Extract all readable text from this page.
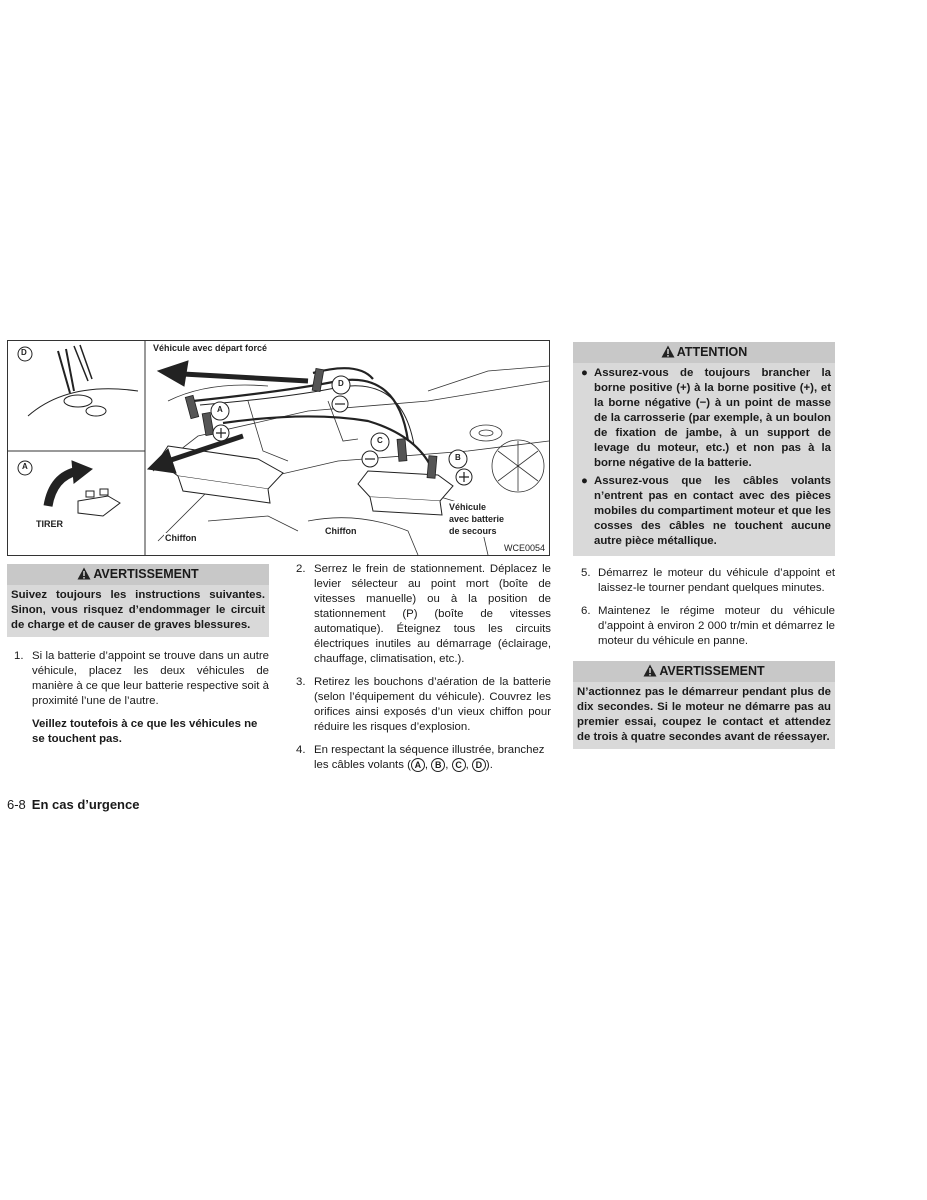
D
A
A
D
C
B
Véhicule avec départ forcé
TIRER
Chiffon
Chiffon
Véhicule
avec batterie
de secours
WCE0054
AVERTISSEMENT
Suivez toujours les instructions suivantes. Sinon, vous risquez d’endommager le circuit de charge et de causer de graves blessures.
1. Si la batterie d’appoint se trouve dans un autre véhicule, placez les deux véhicules de manière à ce que leur batterie respective soit à proximité l’une de l’autre.
Veillez toutefois à ce que les véhicules ne se touchent pas.
2. Serrez le frein de stationnement. Déplacez le levier sélecteur au point mort (boîte de vitesses manuelle) ou à la position de stationnement (P) (boîte de vitesses automatique). Éteignez tous les circuits électriques inutiles au démarrage (éclairage, chauffage, climatisation, etc.).
3. Retirez les bouchons d’aération de la batterie (selon l’équipement du véhicule). Couvrez les orifices ainsi exposés d’un vieux chiffon pour réduire les risques d’explosion.
4. En respectant la séquence illustrée, branchez les câbles volants ( A , B , C , D ).
ATTENTION
● Assurez-vous de toujours brancher la borne positive (+) à la borne positive (+), et la borne négative (−) à un point de masse de la carrosserie (par exemple, à un boulon de fixation de jambe, à un support de levage du moteur, etc.) et non pas à la borne négative de la batterie.
● Assurez-vous que les câbles volants n’entrent pas en contact avec des pièces mobiles du compartiment moteur et que les cosses des câbles ne touchent aucune autre pièce métallique.
5. Démarrez le moteur du véhicule d’appoint et laissez-le tourner pendant quelques minutes.
6. Maintenez le régime moteur du véhicule d’appoint à environ 2 000 tr/min et démarrez le moteur du véhicule en panne.
AVERTISSEMENT
N’actionnez pas le démarreur pendant plus de dix secondes. Si le moteur ne démarre pas au premier essai, coupez le contact et attendez de trois à quatre secondes avant de réessayer.
6-8 En cas d’urgence
